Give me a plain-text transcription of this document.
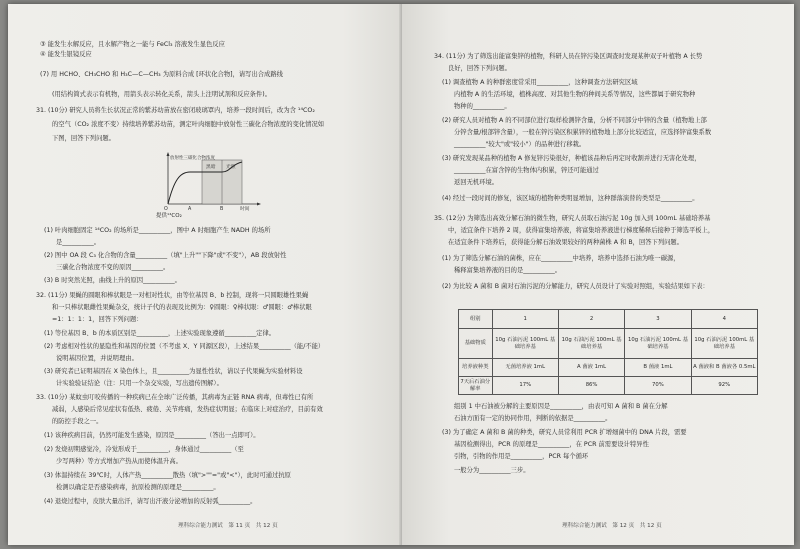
③ 能发生水解反应，且水解产物之一能与 FeCl₃ 溶液发生显色反应
④ 能发生银镜反应
(7) 用 HCHO、CH₃CHO 和 H₃C—C—CH₃ 为原料合成 [环状化合物]，请写出合成路线
(用结构简式表示有机物，用箭头表示转化关系，箭头上注明试剂和反应条件)。
31. (10分) 研究人员将生长状况正常的紫苏幼苗放在密闭玻璃罩内，培养一段时间后，改为含 ¹⁴CO₂
的空气（CO₂ 浓度不变）持续培养紫苏幼苗，测定叶肉细胞中放射性三碳化合物浓度的变化情况如
下图，回答下列问题。
放射性三碳化合物浓度
黑暗 光照
O	A	B	时间
提供¹⁴CO₂
(1) 叶肉细胞固定 ¹⁴CO₂ 的场所是__________，图中 A 时细胞产生 NADH 的场所
是__________。
(2) 图中 OA 段 C₃ 化合物的含量__________（填"上升""下降"或"不变"），AB 段放射性
三碳化合物浓度不变的原因__________。
(3) B 时突然光照，曲线上升的原因__________。
32. (11分) 果蝇的圆眼和棒状眼是一对相对性状，由等位基因 B、b 控制，现将一只圆眼雄性果蝇
和一只棒状眼雌性果蝇杂交，统计子代的表现及比例为：♀圆眼：♀棒状眼：♂圆眼：♂棒状眼
=1：1：1：1，回答下列问题：
(1) 等位基因 B、b 的本质区别是__________，上述实验现象遵循__________定律。
(2) 考虑相对性状的显隐性和基因的位置（不考虑 X、Y 同源区段），上述结果__________（能/不能）
说明基因位置，并说明理由。
(3) 研究者已证明基因在 X 染色体上，且__________为显性性状，请以子代果蝇为实验材料设
计实验验证结论（注：只用一个杂交实验，写出遗传图解）。
33. (10分) 某蚊虫叮咬传播的一种疾病已在全球广泛传播，其病毒为正链 RNA 病毒，但毒性已有所
减弱，人感染后常见症状有低热、疲倦、关节疼痛，发热症状明显；在临床上对症治疗，目前有效
的防控手段之一。
(1) 该种疾病目前，仍然可能发生感染，原因是__________（答出一点即可）。
(2) 发烧初期感觉冷，冷觉形成于__________，身体通过__________（至
少写两种）等方式增加产热从而使体温升高。
(3) 体温持续在 39℃时，人体产热__________散热（填">""="或"<"），此时可通过抗原
检测以确定是否感染病毒，抗原检测的原理是__________。
(4) 退烧过程中，皮肤大量出汗，请写出汗液分泌增加的反射弧__________。
理科综合能力测试　第 11 页　共 12 页
34. (11分) 为了筛选出能富集锌的植物，科研人员在锌污染区调查时发现某种双子叶植物 A 长势
良好，回答下列问题。
(1) 调查植物 A 的种群密度常采用__________，这种调查方法研究区域
内植物 A 的生活环境，植株高度、对其他生物的种间关系等情况，这些都属于研究物种
物种的__________。
(2) 研究人员对植物 A 的不同部位进行取样检测锌含量，分析不同部分中锌的含量（植物地上部
分锌含量/根部锌含量），一般在锌污染区积累锌的植物地上部分比较适宜，应选择锌富集系数
__________"较大"或"较小"）的品种进行移栽。
(3) 研究发现某品种的植物 A 修复锌污染很好，种植该品种后再定时收割并进行无害化处理，
__________在富含锌的生物体内积累，锌还可能通过
返回无机环境。
(4) 经过一段时间的修复，该区域的植物种类明显增加，这种群落演替的类型是__________。
35. (12分) 为筛选出高效分解石油的微生物，研究人员取石油污泥 10g 加入到 100mL 基础培养基
中，适宜条件下培养 2 周，获得富集培养液，将富集培养液进行梯度稀释后接种于筛选平板上，
在适宜条件下培养后，获得能分解石油效果较好的两种菌株 A 和 B，回答下列问题。
(1) 为了筛选分解石油的菌株，应在__________中培养，培养中选择石油为唯一碳源，
稀释富集培养液的目的是__________。
(2) 为比较 A 菌和 B 菌对石油污泥的分解能力，研究人员设计了实验对照组，实验结果如下表：
组别	1	2	3	4
基础物质	10g 石油污泥 100mL 基础培养基	10g 石油污泥 100mL 基础培养基	10g 石油污泥 100mL 基础培养基	10g 石油污泥 100mL 基础培养基
培养液种类	无菌培养液 1mL	A 菌液 1mL	B 菌液 1mL	A 菌液和 B 菌液各 0.5mL
7天后石油分解率	17%	86%	70%	92%
组别 1 中石油被分解的主要原因是__________，由表可知 A 菌和 B 菌在分解
石油方面有一定的协同作用，判断的依据是__________。
(3) 为了确定 A 菌和 B 菌的种类，研究人员常利用 PCR 扩增细菌中的 DNA 片段，需要
基因检测得出，PCR 的原理是__________，在 PCR 前需要设计特异性
引物，引物的作用是__________，PCR 每个循环
一般分为__________三步。
理科综合能力测试　第 12 页　共 12 页
